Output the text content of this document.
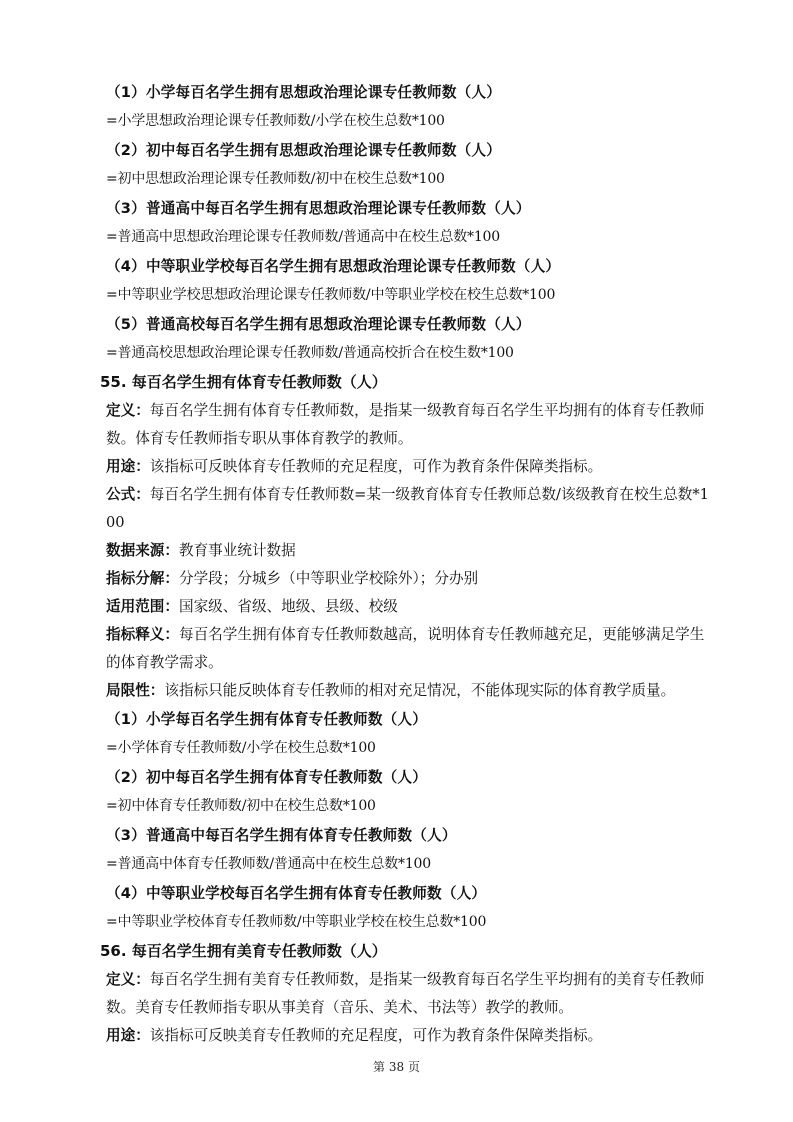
（1）小学每百名学生拥有思想政治理论课专任教师数（人）
=小学思想政治理论课专任教师数/小学在校生总数*100
（2）初中每百名学生拥有思想政治理论课专任教师数（人）
=初中思想政治理论课专任教师数/初中在校生总数*100
（3）普通高中每百名学生拥有思想政治理论课专任教师数（人）
=普通高中思想政治理论课专任教师数/普通高中在校生总数*100
（4）中等职业学校每百名学生拥有思想政治理论课专任教师数（人）
=中等职业学校思想政治理论课专任教师数/中等职业学校在校生总数*100
（5）普通高校每百名学生拥有思想政治理论课专任教师数（人）
=普通高校思想政治理论课专任教师数/普通高校折合在校生数*100
55. 每百名学生拥有体育专任教师数（人）

定义：每百名学生拥有体育专任教师数，是指某一级教育每百名学生平均拥有的体育专任教师数。体育专任教师指专职从事体育教学的教师。

用途：该指标可反映体育专任教师的充足程度，可作为教育条件保障类指标。

公式：每百名学生拥有体育专任教师数=某一级教育体育专任教师总数/该级教育在校生总数*100

数据来源：教育事业统计数据

指标分解：分学段；分城乡（中等职业学校除外）；分办别

适用范围：国家级、省级、地级、县级、校级

指标释义：每百名学生拥有体育专任教师数越高，说明体育专任教师越充足，更能够满足学生的体育教学需求。

局限性：该指标只能反映体育专任教师的相对充足情况，不能体现实际的体育教学质量。

（1）小学每百名学生拥有体育专任教师数（人）
=小学体育专任教师数/小学在校生总数*100
（2）初中每百名学生拥有体育专任教师数（人）
=初中体育专任教师数/初中在校生总数*100
（3）普通高中每百名学生拥有体育专任教师数（人）
=普通高中体育专任教师数/普通高中在校生总数*100
（4）中等职业学校每百名学生拥有体育专任教师数（人）
=中等职业学校体育专任教师数/中等职业学校在校生总数*100
56. 每百名学生拥有美育专任教师数（人）

定义：每百名学生拥有美育专任教师数，是指某一级教育每百名学生平均拥有的美育专任教师数。美育专任教师指专职从事美育（音乐、美术、书法等）教学的教师。

用途：该指标可反映美育专任教师的充足程度，可作为教育条件保障类指标。

第 38 页
